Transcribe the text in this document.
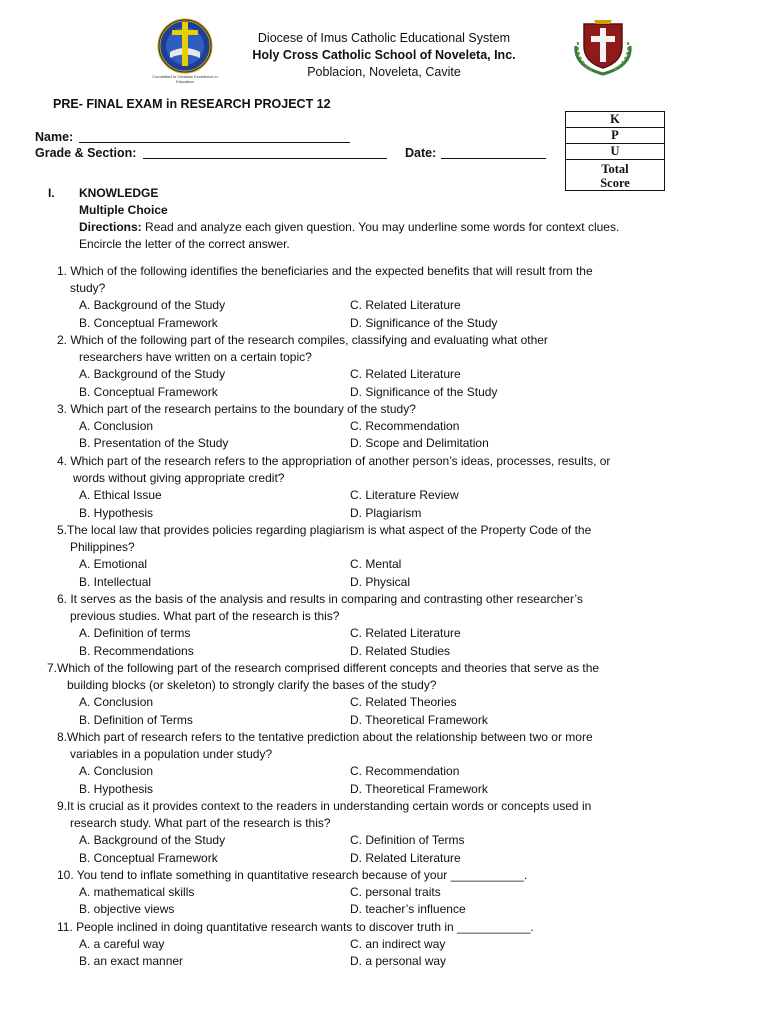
Committed to Christian Excellence in Education
Diocese of Imus Catholic Educational System
Holy Cross Catholic School of Noveleta, Inc.
Poblacion, Noveleta, Cavite
PRE- FINAL EXAM in RESEARCH PROJECT 12
Name:
Grade & Section:	Date:
K
P
U
Total
Score
I. KNOWLEDGE
Multiple Choice
Directions: Read and analyze each given question. You may underline some words for context clues.
Encircle the letter of the correct answer.
1. Which of the following identifies the beneficiaries and the expected benefits that will result from the
study?
A. Background of the Study	C. Related Literature
B. Conceptual Framework	D. Significance of the Study
2. Which of the following part of the research compiles, classifying and evaluating what other
researchers have written on a certain topic?
A. Background of the Study	C. Related Literature
B. Conceptual Framework	D. Significance of the Study
3. Which part of the research pertains to the boundary of the study?
A. Conclusion	C. Recommendation
B. Presentation of the Study	D. Scope and Delimitation
4. Which part of the research refers to the appropriation of another person’s ideas, processes, results, or
words without giving appropriate credit?
A. Ethical Issue	C. Literature Review
B. Hypothesis	D. Plagiarism
5.The local law that provides policies regarding plagiarism is what aspect of the Property Code of the
Philippines?
A. Emotional	C. Mental
B. Intellectual	D. Physical
6. It serves as the basis of the analysis and results in comparing and contrasting other researcher’s
previous studies. What part of the research is this?
A. Definition of terms	C. Related Literature
B. Recommendations	D. Related Studies
7.Which of the following part of the research comprised different concepts and theories that serve as the
building blocks (or skeleton) to strongly clarify the bases of the study?
A. Conclusion	C. Related Theories
B. Definition of Terms	D. Theoretical Framework
8.Which part of research refers to the tentative prediction about the relationship between two or more
variables in a population under study?
A. Conclusion	C. Recommendation
B. Hypothesis	D. Theoretical Framework
9.It is crucial as it provides context to the readers in understanding certain words or concepts used in
research study. What part of the research is this?
A. Background of the Study	C. Definition of Terms
B. Conceptual Framework	D. Related Literature
10. You tend to inflate something in quantitative research because of your ___________.
A. mathematical skills	C. personal traits
B. objective views	D. teacher’s influence
11. People inclined in doing quantitative research wants to discover truth in ___________.
A. a careful way	C. an indirect way
B. an exact manner	D. a personal way
